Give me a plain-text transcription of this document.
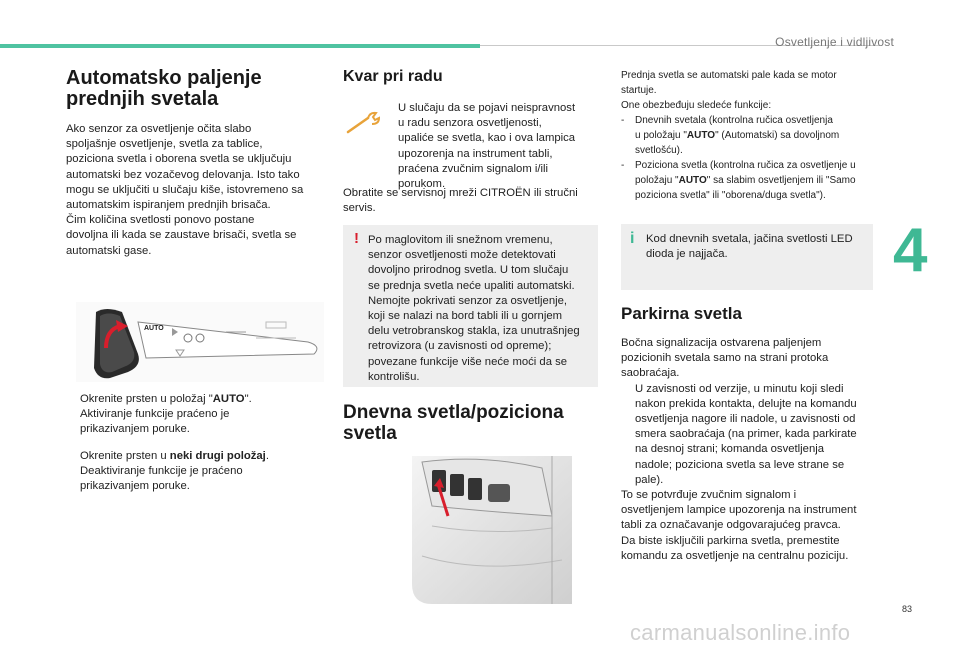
Osvetljenje i vidljivost
4
Automatsko paljenje
prednjih svetala
Ako senzor za osvetljenje očita slabo
spoljašnje osvetljenje, svetla za tablice,
poziciona svetla i oborena svetla se uključuju
automatski bez vozačevog delovanja. Isto tako
mogu se uključiti u slučaju kiše, istovremeno sa
automatskim ispiranjem prednjih brisača.
Čim količina svetlosti ponovo postane
dovoljna ili kada se zaustave brisači, svetla se
automatski gase.
AUTO
Okrenite prsten u položaj "AUTO".
Aktiviranje funkcije praćeno je
prikazivanjem poruke.
Okrenite prsten u neki drugi položaj.
Deaktiviranje funkcije je praćeno
prikazivanjem poruke.
Kvar pri radu
U slučaju da se pojavi neispravnost
u radu senzora osvetljenosti,
upaliće se svetla, kao i ova lampica
upozorenja na instrument tabli,
praćena zvučnim signalom i/ili
porukom.
Obratite se servisnoj mreži CITROËN ili stručni
servis.
! Po maglovitom ili snežnom vremenu,
senzor osvetljenosti može detektovati
dovoljno prirodnog svetla. U tom slučaju
se prednja svetla neće upaliti automatski.
Nemojte pokrivati senzor za osvetljenje,
koji se nalazi na bord tabli ili u gornjem
delu vetrobranskog stakla, iza unutrašnjeg
retrovizora (u zavisnosti od opreme);
povezane funkcije više neće moći da se
kontrolišu.
Dnevna svetla/poziciona
svetla
Prednja svetla se automatski pale kada se motor
startuje.
One obezbeđuju sledeće funkcije:
- Dnevnih svetala (kontrolna ručica osvetljenja
u položaju "AUTO" (Automatski) sa dovoljnom
svetlošću).
- Poziciona svetla (kontrolna ručica za osvetljenje u
položaju "AUTO" sa slabim osvetljenjem ili "Samo
poziciona svetla" ili "oborena/duga svetla").
i Kod dnevnih svetala, jačina svetlosti LED
dioda je najjača.
Parkirna svetla
Bočna signalizacija ostvarena paljenjem
pozicionih svetala samo na strani protoka
saobraćaja.
U zavisnosti od verzije, u minutu koji sledi
nakon prekida kontakta, delujte na komandu
osvetljenja nagore ili nadole, u zavisnosti od
smera saobraćaja (na primer, kada parkirate
na desnoj strani; komanda osvetljenja
nadole; poziciona svetla sa leve strane se
pale).
To se potvrđuje zvučnim signalom i
osvetljenjem lampice upozorenja na instrument
tabli za označavanje odgovarajućeg pravca.
Da biste isključili parkirna svetla, premestite
komandu za osvetljenje na centralnu poziciju.
83
carmanualsonline.info
